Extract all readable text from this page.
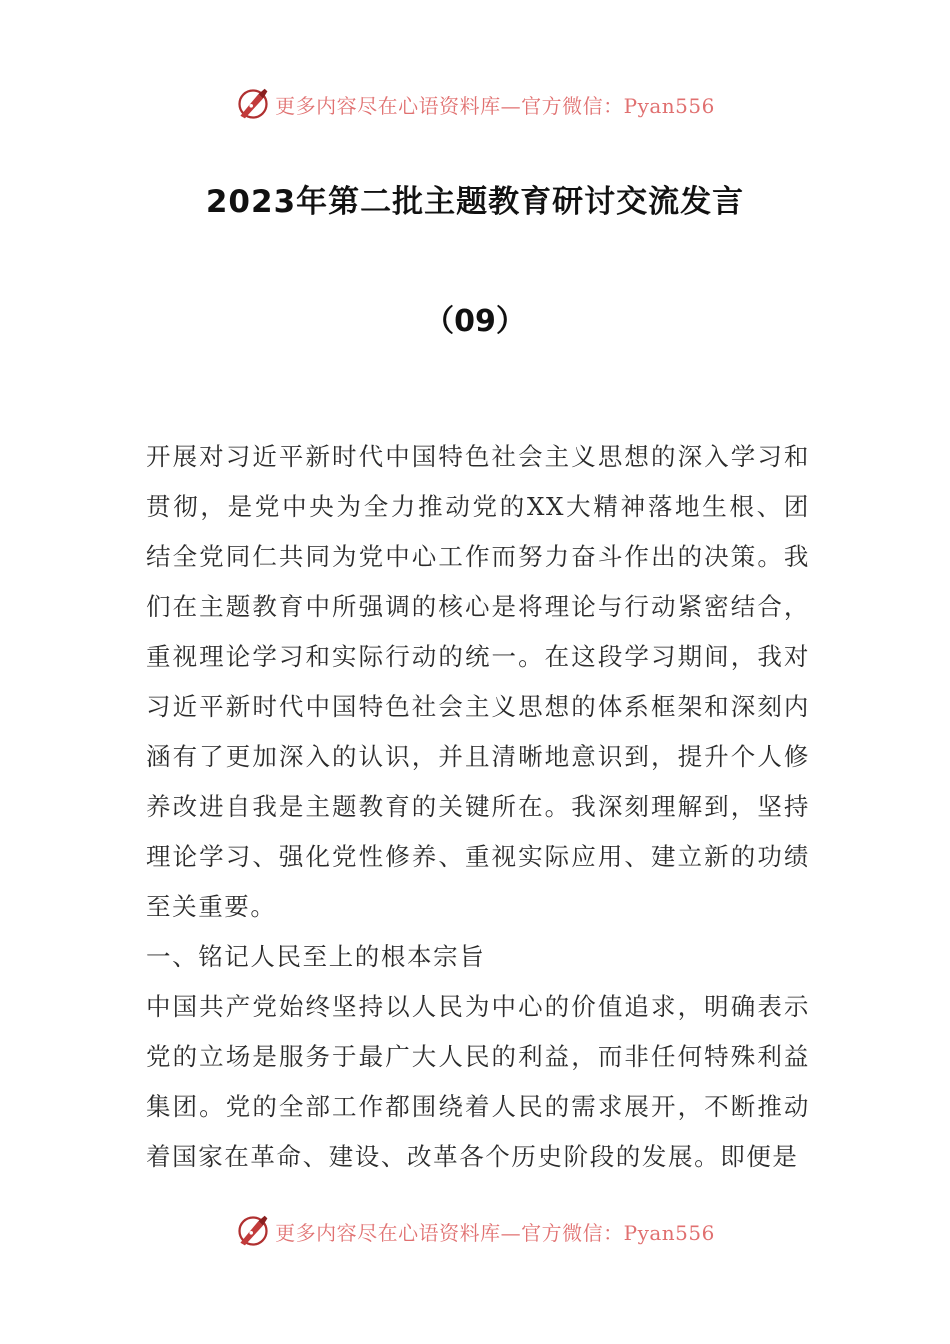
更多内容尽在心语资料库—官方微信：Pyan556
2023年第二批主题教育研讨交流发言
（09）

开展对习近平新时代中国特色社会主义思想的深入学习和贯彻，是党中央为全力推动党的XX大精神落地生根、团结全党同仁共同为党中心工作而努力奋斗作出的决策。我们在主题教育中所强调的核心是将理论与行动紧密结合，重视理论学习和实际行动的统一。在这段学习期间，我对习近平新时代中国特色社会主义思想的体系框架和深刻内涵有了更加深入的认识，并且清晰地意识到，提升个人修养改进自我是主题教育的关键所在。我深刻理解到，坚持理论学习、强化党性修养、重视实际应用、建立新的功绩至关重要。

一、铭记人民至上的根本宗旨

中国共产党始终坚持以人民为中心的价值追求，明确表示党的立场是服务于最广大人民的利益，而非任何特殊利益集团。党的全部工作都围绕着人民的需求展开，不断推动着国家在革命、建设、改革各个历史阶段的发展。即便是

更多内容尽在心语资料库—官方微信：Pyan556
